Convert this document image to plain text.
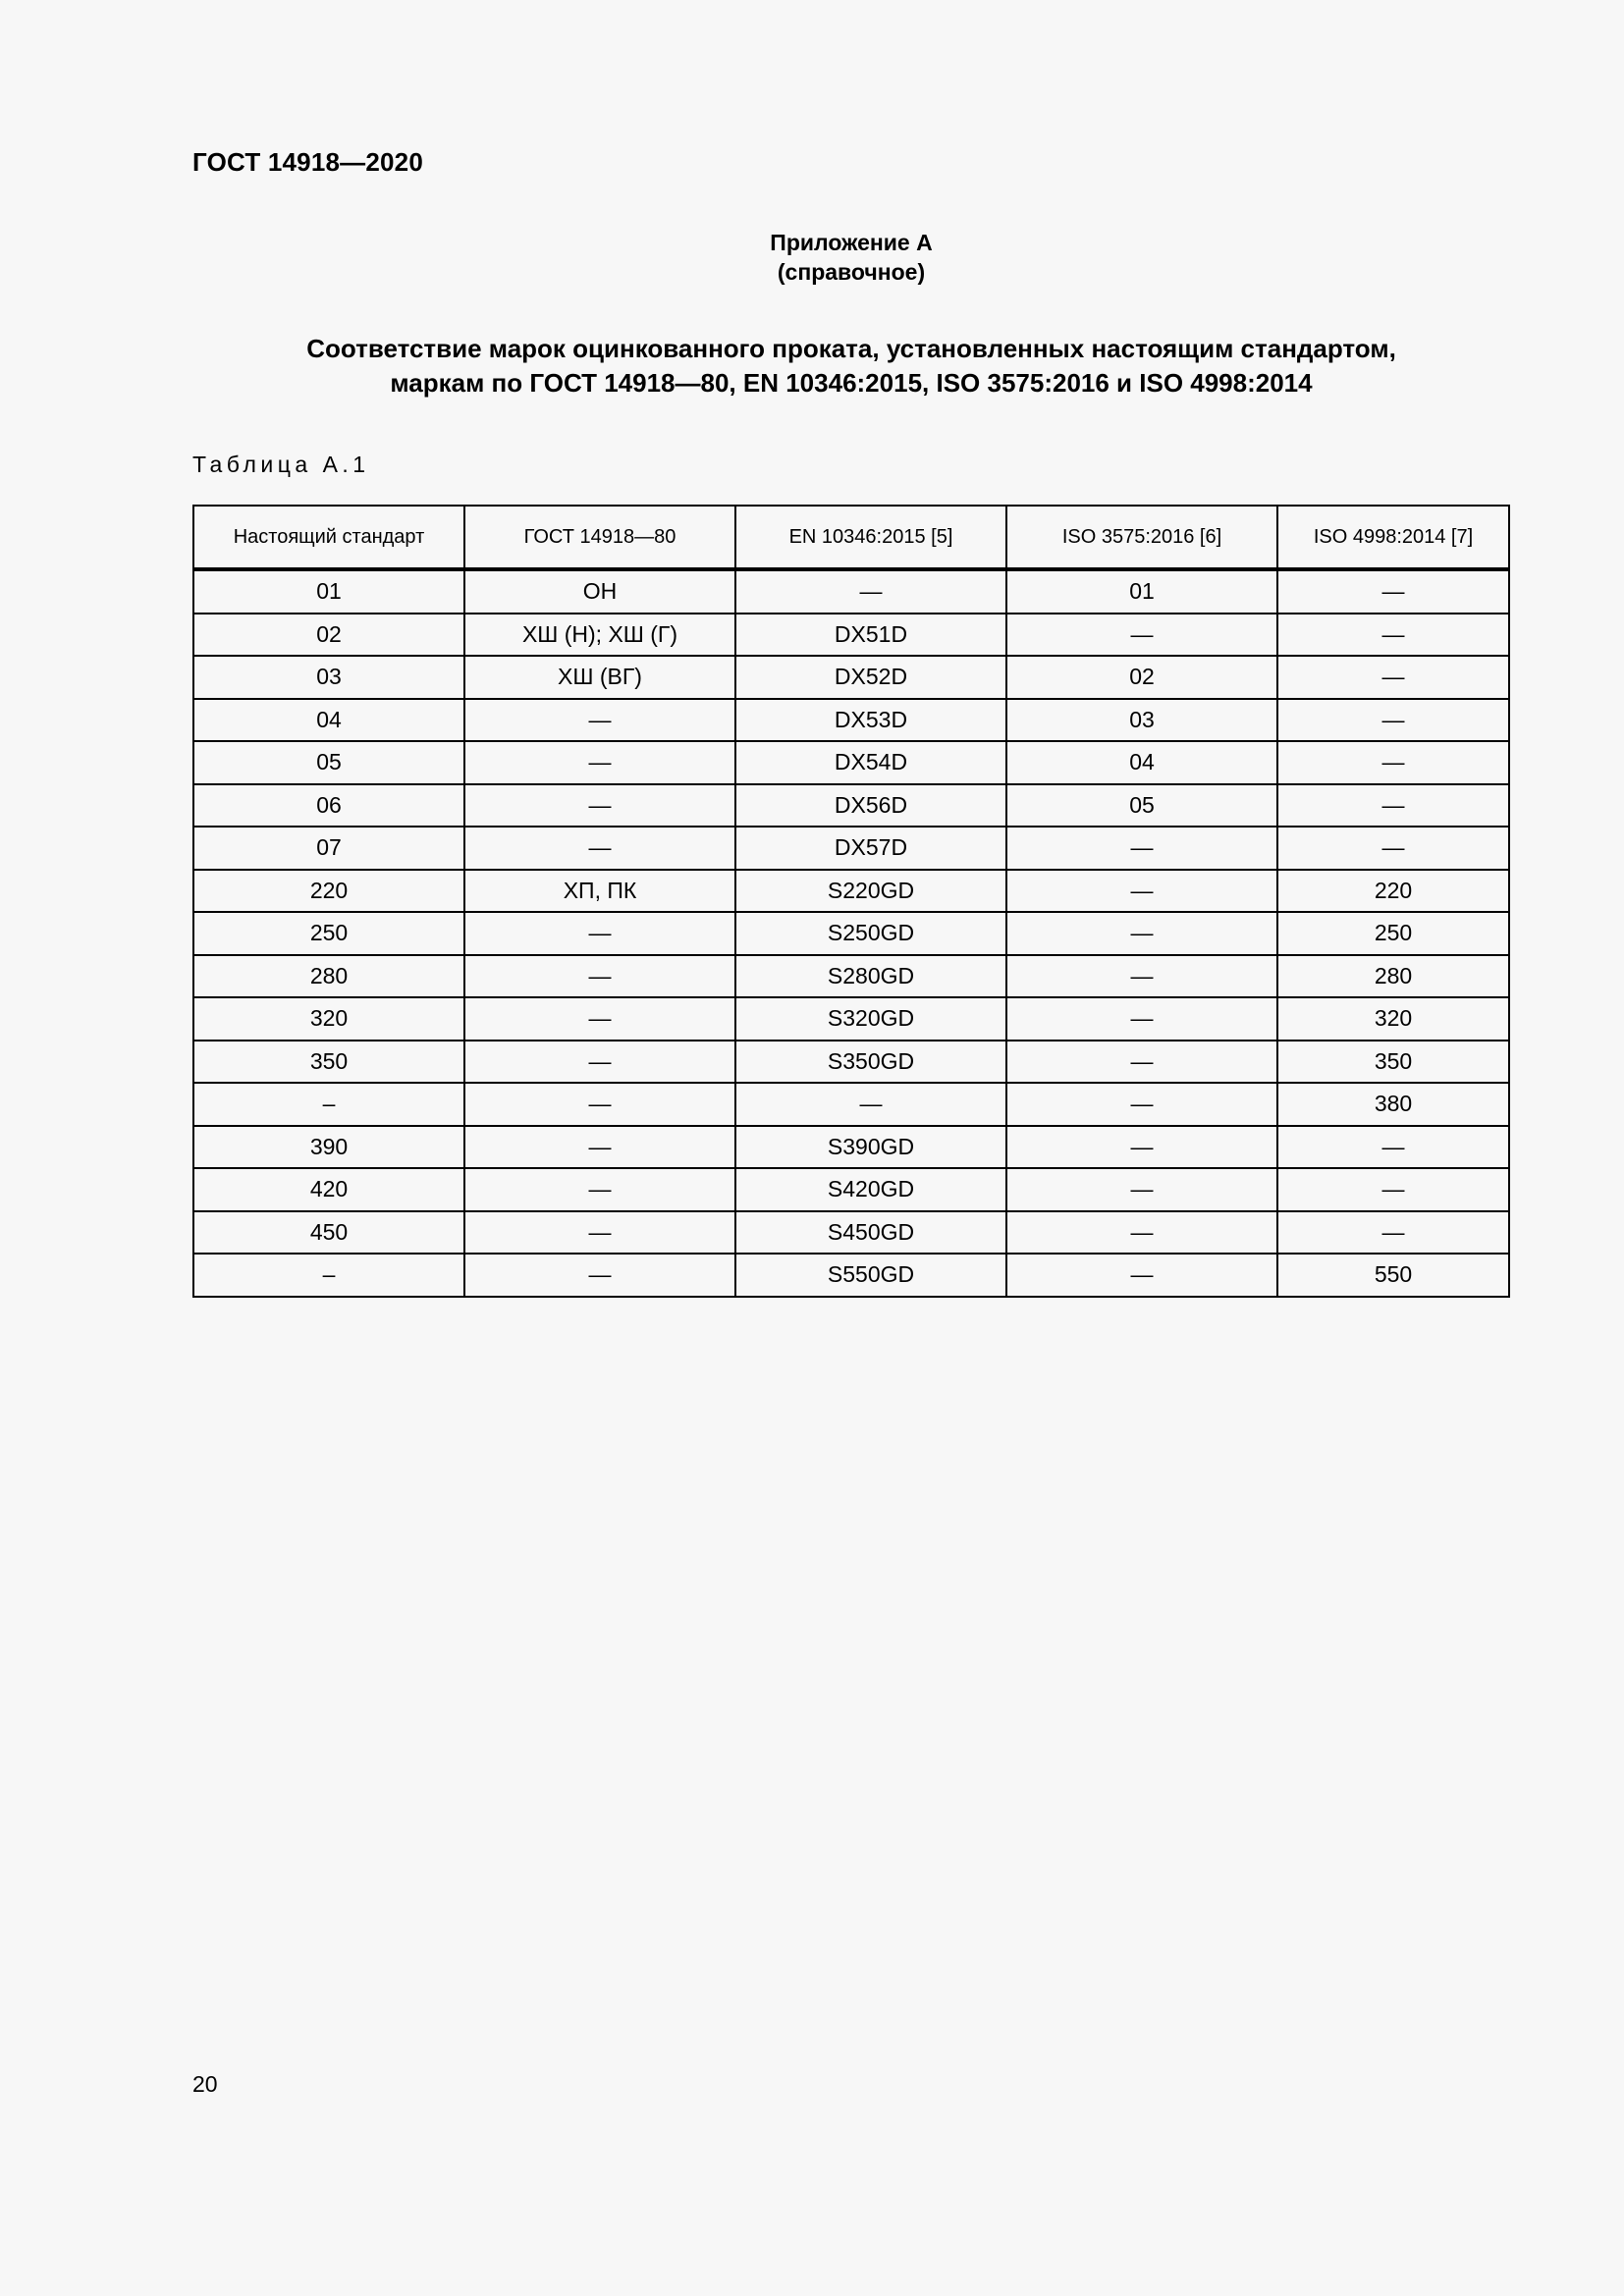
ГОСТ 14918—2020
Приложение А
(справочное)
Соответствие марок оцинкованного проката, установленных настоящим стандартом,
маркам по ГОСТ 14918—80, EN 10346:2015, ISO 3575:2016 и ISO 4998:2014
Таблица А.1
Настоящий стандарт	ГОСТ 14918—80	EN 10346:2015 [5]	ISO 3575:2016 [6]	ISO 4998:2014 [7]
01	ОН	—	01	—
02	ХШ (Н); ХШ (Г)	DX51D	—	—
03	ХШ (ВГ)	DX52D	02	—
04	—	DX53D	03	—
05	—	DX54D	04	—
06	—	DX56D	05	—
07	—	DX57D	—	—
220	ХП, ПК	S220GD	—	220
250	—	S250GD	—	250
280	—	S280GD	—	280
320	—	S320GD	—	320
350	—	S350GD	—	350
–	—	—	—	380
390	—	S390GD	—	—
420	—	S420GD	—	—
450	—	S450GD	—	—
–	—	S550GD	—	550
20
